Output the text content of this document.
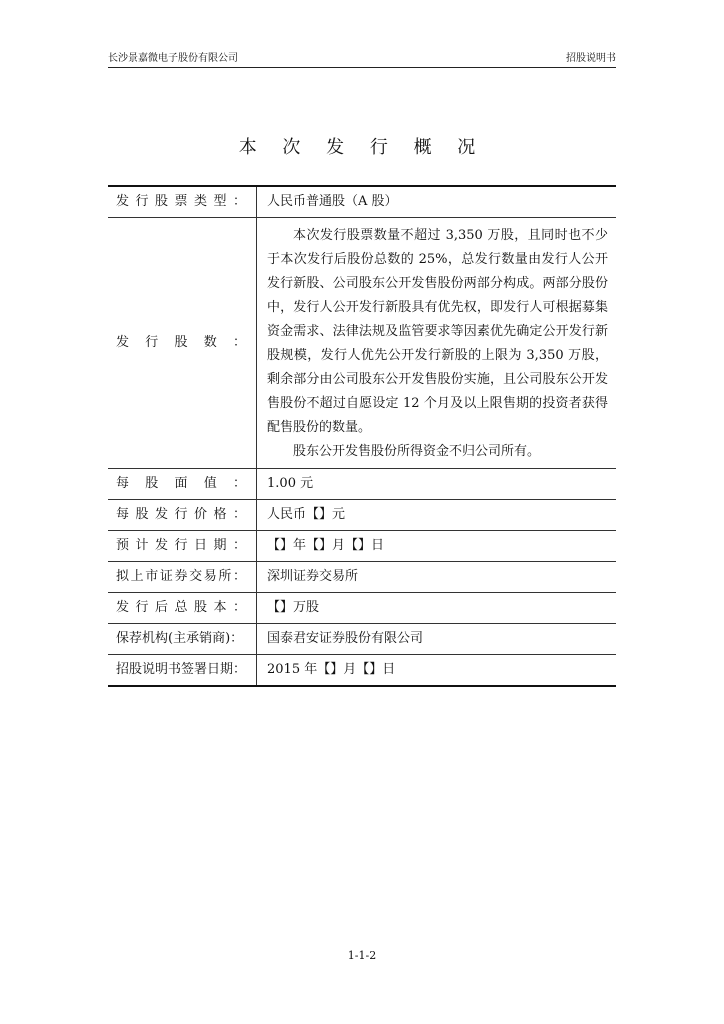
长沙景嘉微电子股份有限公司	招股说明书
本 次 发 行 概 况
发行股票类型：	人民币普通股（A 股）
发行股数：	本次发行股票数量不超过 3,350 万股，且同时也不少于本次发行后股份总数的 25%，总发行数量由发行人公开发行新股、公司股东公开发售股份两部分构成。两部分股份中，发行人公开发行新股具有优先权，即发行人可根据募集资金需求、法律法规及监管要求等因素优先确定公开发行新股规模，发行人优先公开发行新股的上限为 3,350 万股，剩余部分由公司股东公开发售股份实施，且公司股东公开发售股份不超过自愿设定 12 个月及以上限售期的投资者获得配售股份的数量。

股东公开发售股份所得资金不归公司所有。

每股面值：	1.00 元
每股发行价格：	人民币【】元
预计发行日期：	【】年【】月【】日
拟上市证券交易所：	深圳证券交易所
发行后总股本：	【】万股
保荐机构(主承销商)：	国泰君安证券股份有限公司
招股说明书签署日期：	2015 年【】月【】日
1-1-2
